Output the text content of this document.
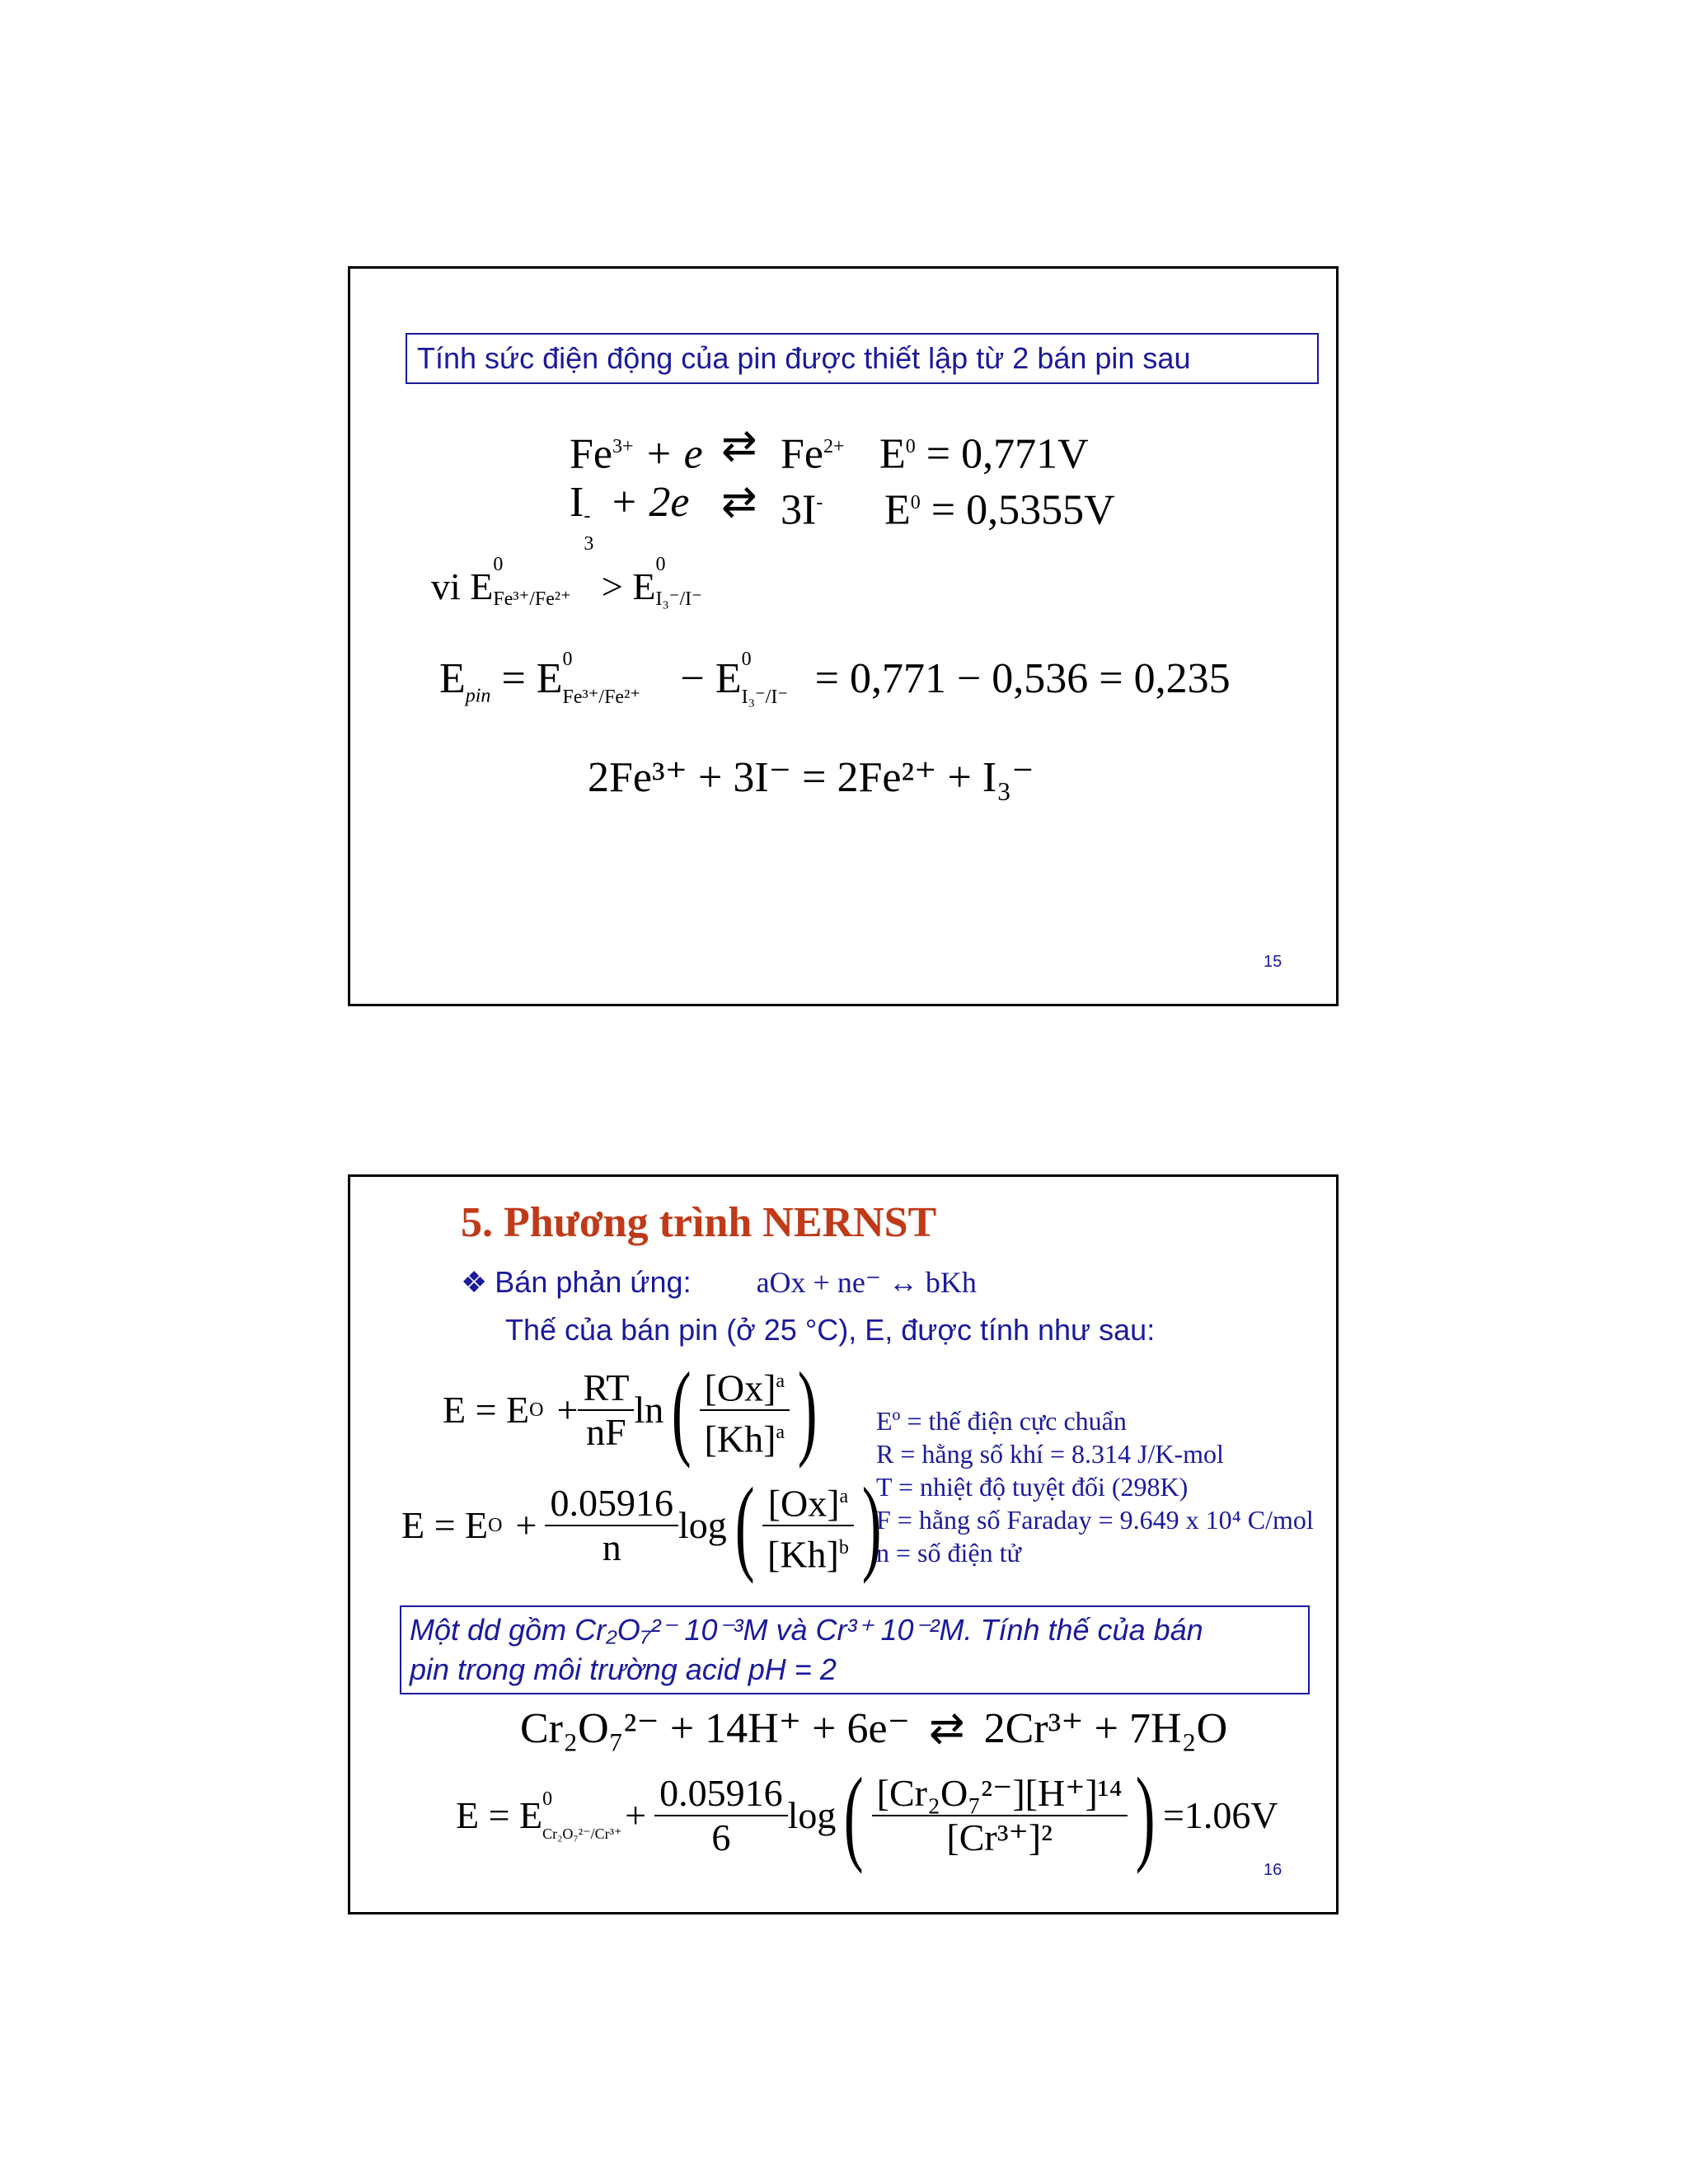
Tính sức điện động của pin được thiết lập từ 2 bán pin sau
$Fe^{3+} + e$ ⇄ $Fe^{2+}$ $E^0 = 0,771V$
I -
3
+ 2e ⇄ 3I- $E^0 = 0,5355V$
vi E
0
Fe³⁺/Fe²⁺ > E
0
I₃⁻/I⁻
$E_{pin} = E$ 0
Fe³⁺/Fe²⁺ − E 0
I₃⁻/I⁻ = 0,771 − 0,536 = 0,235
2Fe³⁺ + 3I⁻ = 2Fe²⁺ + I₃⁻
15
5. Phương trình NERNST
❖ Bán phản ứng: aOx + ne⁻ ↔ bKh
Thế của bán pin (ở 25 °C), E, được tính như sau:
E = E $O + \frac{RT}{nF}$ ln ( $\frac{[Ox]^a}{[Kh]^a}$ )
E = E $O + \frac{0.05916}{n}$ log ( $\frac{[Ox]^a}{[Kh]^b}$ )
Eº = thế điện cực chuẩn
R = hằng số khí = 8.314 J/K-mol
T = nhiệt độ tuyệt đối (298K)
F = hằng số Faraday = 9.649 x 10⁴ C/mol
n = số điện tử
Một dd gồm Cr₂O₇²⁻ 10⁻³M và Cr³⁺ 10⁻²M. Tính thế của bán
pin trong môi trường acid pH = 2
Cr₂O₇²⁻ + 14H⁺ + 6e⁻ ⇄ 2Cr³⁺ + 7H₂O
E = E 0
$Cr_2O_7^{2-}/Cr^{3+} + \frac{0.05916}{6}$ log ( $\frac{\text{[Cr₂O₇²⁻][H⁺]¹⁴}}{\text{[Cr³⁺]²}}$ ) =1.06V
16
